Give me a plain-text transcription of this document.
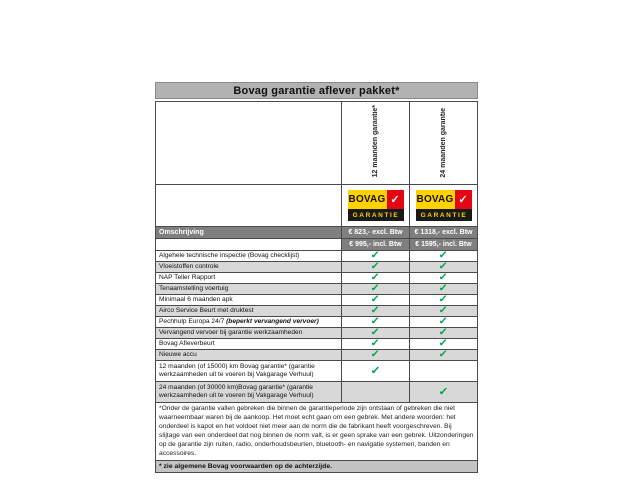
Bovag garantie aflever pakket*
	12 maanden garantie*	24 maanden garantie

BOVAG ✓
GARANTIE

BOVAG ✓
GARANTIE

Omschrijving	€ 823,- excl. Btw	€ 1318,- excl. Btw
	€ 995,- incl. Btw	€ 1595,- incl. Btw
Algehele technische inspectie (Bovag checklijst)	✓	✓
Vloeistoffen controle	✓	✓
NAP Teller Rapport	✓	✓
Tenaamstelling voertuig	✓	✓
Minimaal 6 maanden apk	✓	✓
Airco Service Beurt met druktest	✓	✓
Pechhulp Europa 24/7 (beperkt vervangend vervoer)	✓	✓
Vervangend vervoer bij garantie werkzaamheden	✓	✓
Bovag Afleverbeurt	✓	✓
Nieuwe accu	✓	✓
12 maanden (of 15000) km Bovag garantie* (garantie werkzaamheden uit te voeren bij Vakgarage Verhuul)	✓	
24 maanden (of 30000 km)Bovag garantie* (garantie werkzaamheden uit te voeren bij Vakgarage Verhuul)		✓
*Onder de garantie vallen gebreken die binnen de garantieperiode zijn ontstaan of gebreken die niet waarneembaar waren bij de aankoop. Het moet echt gaan om een gebrek. Met andere woorden: het onderdeel is kapot en het voldoet niet meer aan de norm die de fabrikant heeft voorgeschreven. Bij slijtage van een onderdeel dat nog binnen de norm valt, is er geen sprake van een gebrek. Uitzonderingen op de garantie zijn ruiten, radio, onderhoudsbeurten, bluetooth- en navigatie systemen, banden en accessoires.		
* zie algemene Bovag voorwaarden op de achterzijde.		
